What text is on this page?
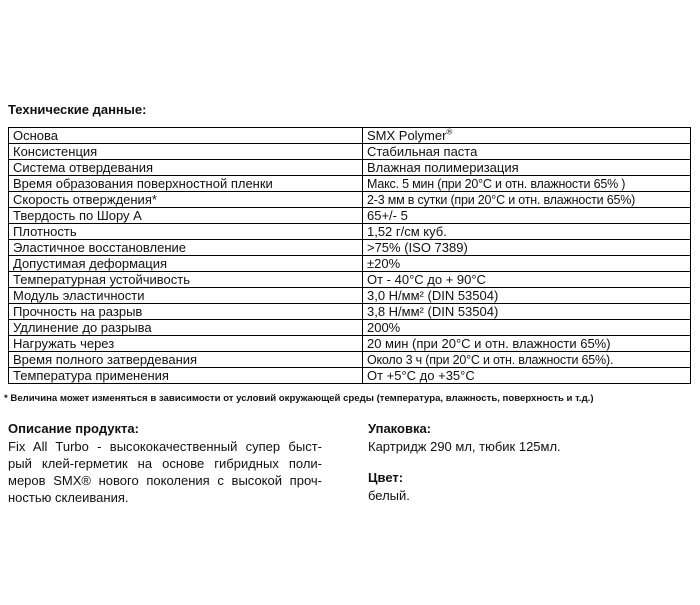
Технические данные:
Основа	SMX Polymer®
Консистенция	Стабильная паста
Система отвердевания	Влажная полимеризация
Время образования поверхностной пленки	Макс. 5 мин (при 20°C и отн. влажности 65% )
Скорость отверждения*	2-3 мм в сутки (при 20°C и отн. влажности 65%)
Твердость по Шору А	65+/- 5
Плотность	1,52 г/см куб.
Эластичное восстановление	>75% (ISO 7389)
Допустимая деформация	±20%
Температурная устойчивость	От - 40°C до + 90°C
Модуль эластичности	3,0 Н/мм² (DIN 53504)
Прочность на разрыв	3,8 Н/мм² (DIN 53504)
Удлинение до разрыва	200%
Нагружать через	20 мин (при 20°C и отн. влажности 65%)
Время полного затвердевания	Около 3 ч (при 20°C и отн. влажности 65%).
Температура применения	От +5°C до +35°C

* Величина может изменяться в зависимости от условий окружающей среды (температура, влажность, поверхность и т.д.)

Описание продукта:

Fix All Turbo - высококачественный супер быст-
рый клей-герметик на основе гибридных поли-
меров SMX® нового поколения с высокой проч-
ностью склеивания.

Упаковка:

Картридж 290 мл, тюбик 125мл.

Цвет:

белый.
